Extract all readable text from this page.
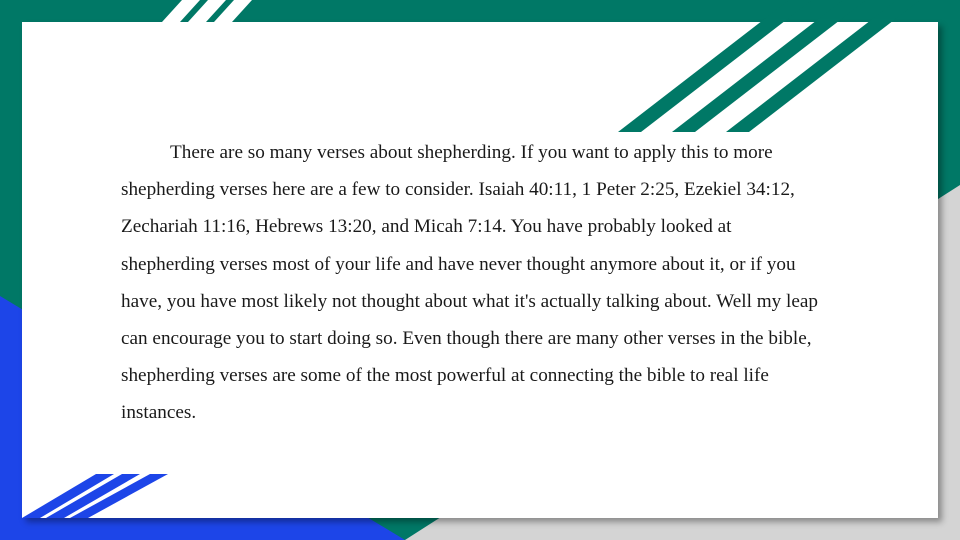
There are so many verses about shepherding. If you want to apply this to more shepherding verses here are a few to consider. Isaiah 40:11, 1 Peter 2:25, Ezekiel 34:12, Zechariah 11:16, Hebrews 13:20, and Micah 7:14. You have probably looked at shepherding verses most of your life and have never thought anymore about it, or if you have, you have most likely not thought about what it's actually talking about. Well my leap can encourage you to start doing so. Even though there are many other verses in the bible, shepherding verses are some of the most powerful at connecting the bible to real life instances.
